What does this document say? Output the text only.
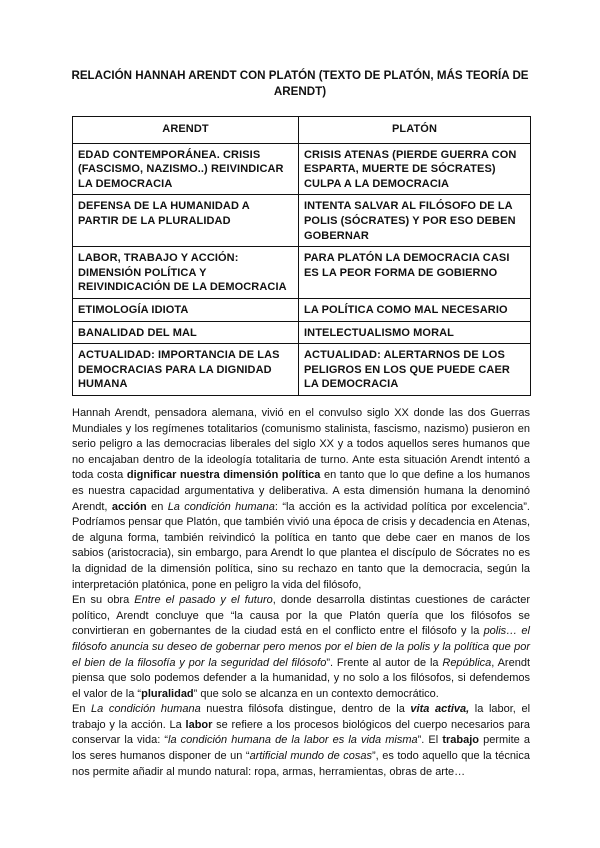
RELACIÓN HANNAH ARENDT CON PLATÓN (TEXTO DE PLATÓN, MÁS TEORÍA DE ARENDT)
ARENDT	PLATÓN
EDAD CONTEMPORÁNEA. CRISIS (FASCISMO, NAZISMO..) REIVINDICAR LA DEMOCRACIA	CRISIS ATENAS (PIERDE GUERRA CON ESPARTA, MUERTE DE SÓCRATES) CULPA A LA DEMOCRACIA
DEFENSA DE LA HUMANIDAD A PARTIR DE LA PLURALIDAD	INTENTA SALVAR AL FILÓSOFO DE LA POLIS (SÓCRATES) Y POR ESO DEBEN GOBERNAR
LABOR, TRABAJO Y ACCIÓN: DIMENSIÓN POLÍTICA Y REIVINDICACIÓN DE LA DEMOCRACIA	PARA PLATÓN LA DEMOCRACIA CASI ES LA PEOR FORMA DE GOBIERNO
ETIMOLOGÍA IDIOTA	LA POLÍTICA COMO MAL NECESARIO
BANALIDAD DEL MAL	INTELECTUALISMO MORAL
ACTUALIDAD: IMPORTANCIA DE LAS DEMOCRACIAS PARA LA DIGNIDAD HUMANA	ACTUALIDAD: ALERTARNOS DE LOS PELIGROS EN LOS QUE PUEDE CAER LA DEMOCRACIA

Hannah Arendt, pensadora alemana, vivió en el convulso siglo XX donde las dos Guerras Mundiales y los regímenes totalitarios (comunismo stalinista, fascismo, nazismo) pusieron en serio peligro a las democracias liberales del siglo XX y a todos aquellos seres humanos que no encajaban dentro de la ideología totalitaria de turno. Ante esta situación Arendt intentó a toda costa dignificar nuestra dimensión política en tanto que lo que define a los humanos es nuestra capacidad argumentativa y deliberativa. A esta dimensión humana la denominó Arendt, acción en La condición humana: “la acción es la actividad política por excelencia”. Podríamos pensar que Platón, que también vivió una época de crisis y decadencia en Atenas, de alguna forma, también reivindicó la política en tanto que debe caer en manos de los sabios (aristocracia), sin embargo, para Arendt lo que plantea el discípulo de Sócrates no es la dignidad de la dimensión política, sino su rechazo en tanto que la democracia, según la interpretación platónica, pone en peligro la vida del filósofo,

En su obra Entre el pasado y el futuro, donde desarrolla distintas cuestiones de carácter político, Arendt concluye que “la causa por la que Platón quería que los filósofos se convirtieran en gobernantes de la ciudad está en el conflicto entre el filósofo y la polis… el filósofo anuncia su deseo de gobernar pero menos por el bien de la polis y la política que por el bien de la filosofía y por la seguridad del filósofo”. Frente al autor de la República, Arendt piensa que solo podemos defender a la humanidad, y no solo a los filósofos, si defendemos el valor de la “pluralidad” que solo se alcanza en un contexto democrático.

En La condición humana nuestra filósofa distingue, dentro de la vita activa, la labor, el trabajo y la acción. La labor se refiere a los procesos biológicos del cuerpo necesarios para conservar la vida: “la condición humana de la labor es la vida misma”. El trabajo permite a los seres humanos disponer de un “artificial mundo de cosas”, es todo aquello que la técnica nos permite añadir al mundo natural: ropa, armas, herramientas, obras de arte…
